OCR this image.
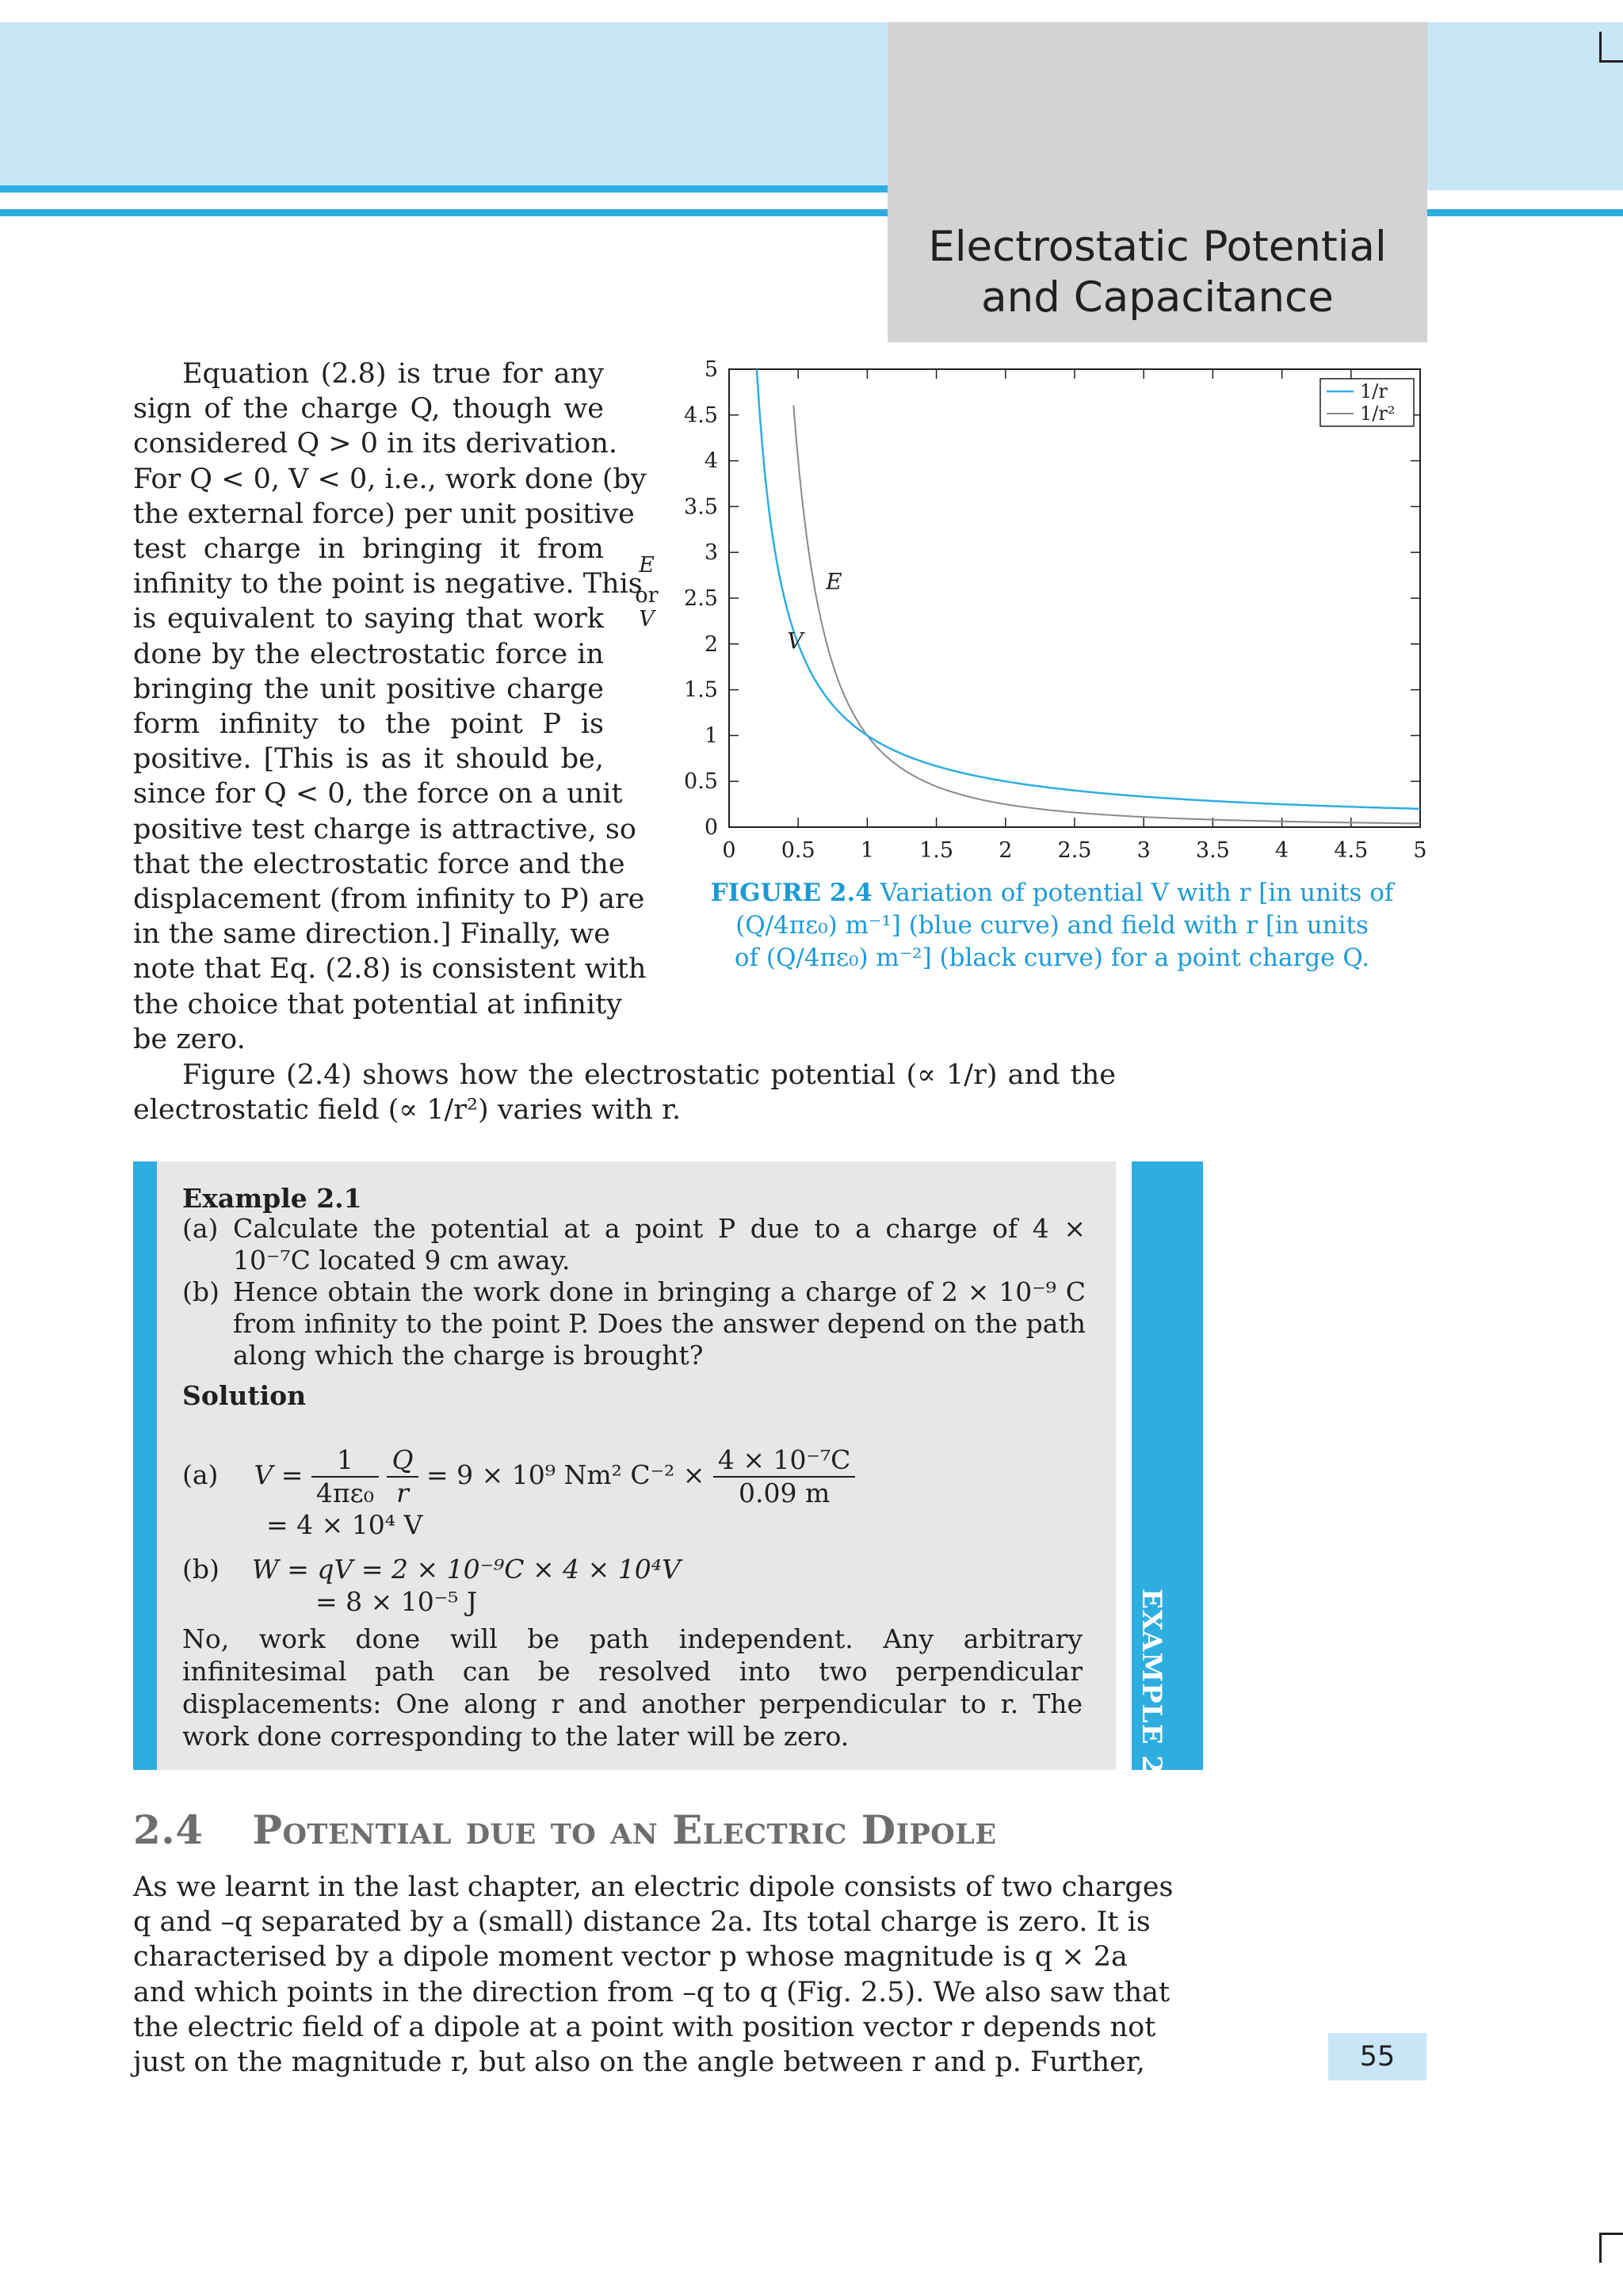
Electrostatic Potential
and Capacitance
Equation (2.8) is true for any
sign of the charge Q, though we
considered Q > 0 in its derivation.
For Q < 0, V < 0, i.e., work done (by
the external force) per unit positive
test charge in bringing it from
infinity to the point is negative. This
is equivalent to saying that work
done by the electrostatic force in
bringing the unit positive charge
form infinity to the point P is
positive. [This is as it should be,
since for Q < 0, the force on a unit
positive test charge is attractive, so
that the electrostatic force and the
displacement (from infinity to P) are
in the same direction.] Finally, we
note that Eq. (2.8) is consistent with
the choice that potential at infinity
be zero.
Figure (2.4) shows how the electrostatic potential (∝ 1/r) and the
electrostatic field (∝ 1/r²) varies with r.
0 0.5 1 1.5 2 2.5 3 3.5 4 4.5 5
0
0.5
1
1.5
2
2.5
3
3.5
4
4.5
5
E
V
E
or
V
1/r
1/r²
FIGURE 2.4 Variation of potential V with r [in units of
(Q/4πε₀) m⁻¹] (blue curve) and field with r [in units
of (Q/4πε₀) m⁻²] (black curve) for a point charge Q.
EXAMPLE 2.1
Example 2.1
(a) Calculate the potential at a point P due to a charge of 4 × 10⁻⁷C located 9 cm away.
(b) Hence obtain the work done in bringing a charge of 2 × 10⁻⁹ C from infinity to the point P. Does the answer depend on the path along which the charge is brought?
Solution
(a) $V = \frac{1}{\text{4πε₀}}$
$\frac{Q}{r} = 9 \times 10^9$ Nm² $C^{-2} \times \frac{\text{4 × 10⁻⁷C}}{0.09 m}$
= 4 × 10⁴ V
(b) W = qV = 2 × 10⁻⁹C × 4 × 10⁴V
= 8 × 10⁻⁵ J
No, work done will be path independent. Any arbitrary infinitesimal path can be resolved into two perpendicular displacements: One along r and another perpendicular to r. The work done corresponding to the later will be zero.
2.4 Potential due to an Electric Dipole
As we learnt in the last chapter, an electric dipole consists of two charges
q and –q separated by a (small) distance 2a. Its total charge is zero. It is
characterised by a dipole moment vector p whose magnitude is q × 2a
and which points in the direction from –q to q (Fig. 2.5). We also saw that
the electric field of a dipole at a point with position vector r depends not
just on the magnitude r, but also on the angle between r and p. Further,	55
